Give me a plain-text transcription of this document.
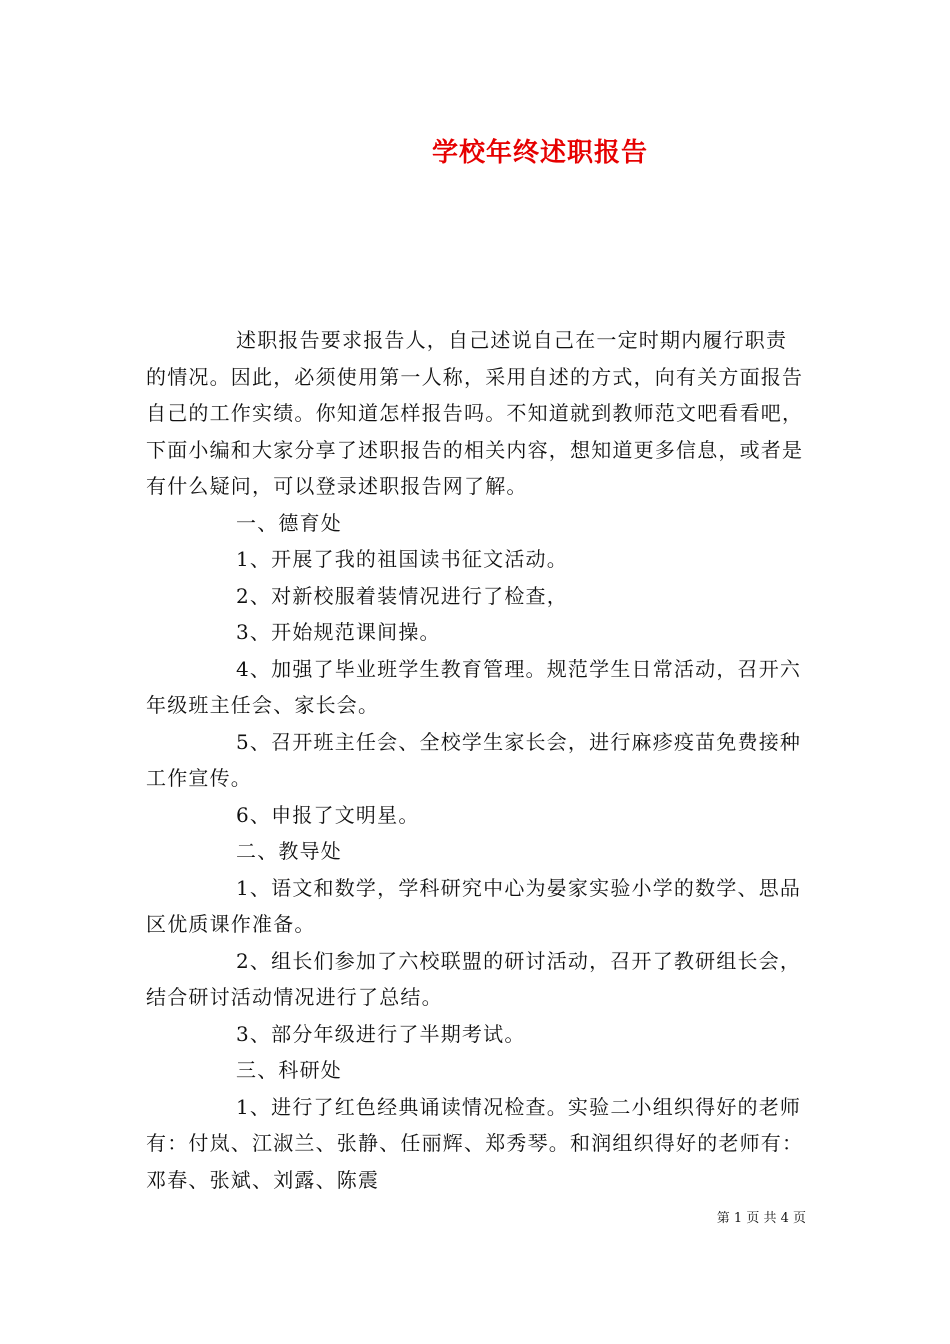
学校年终述职报告

述职报告要求报告人，自己述说自己在一定时期内履行职责的情况。因此，必须使用第一人称，采用自述的方式，向有关方面报告自己的工作实绩。你知道怎样报告吗。不知道就到教师范文吧看看吧，下面小编和大家分享了述职报告的相关内容，想知道更多信息，或者是有什么疑问，可以登录述职报告网了解。

一、德育处

1、开展了我的祖国读书征文活动。

2、对新校服着装情况进行了检查，

3、开始规范课间操。

4、加强了毕业班学生教育管理。规范学生日常活动，召开六年级班主任会、家长会。

5、召开班主任会、全校学生家长会，进行麻疹疫苗免费接种工作宣传。

6、申报了文明星。

二、教导处

1、语文和数学，学科研究中心为晏家实验小学的数学、思品区优质课作准备。

2、组长们参加了六校联盟的研讨活动，召开了教研组长会，结合研讨活动情况进行了总结。

3、部分年级进行了半期考试。

三、科研处

1、进行了红色经典诵读情况检查。实验二小组织得好的老师有：付岚、江淑兰、张静、任丽辉、郑秀琴。和润组织得好的老师有：邓春、张斌、刘露、陈震

第 1 页 共 4 页
